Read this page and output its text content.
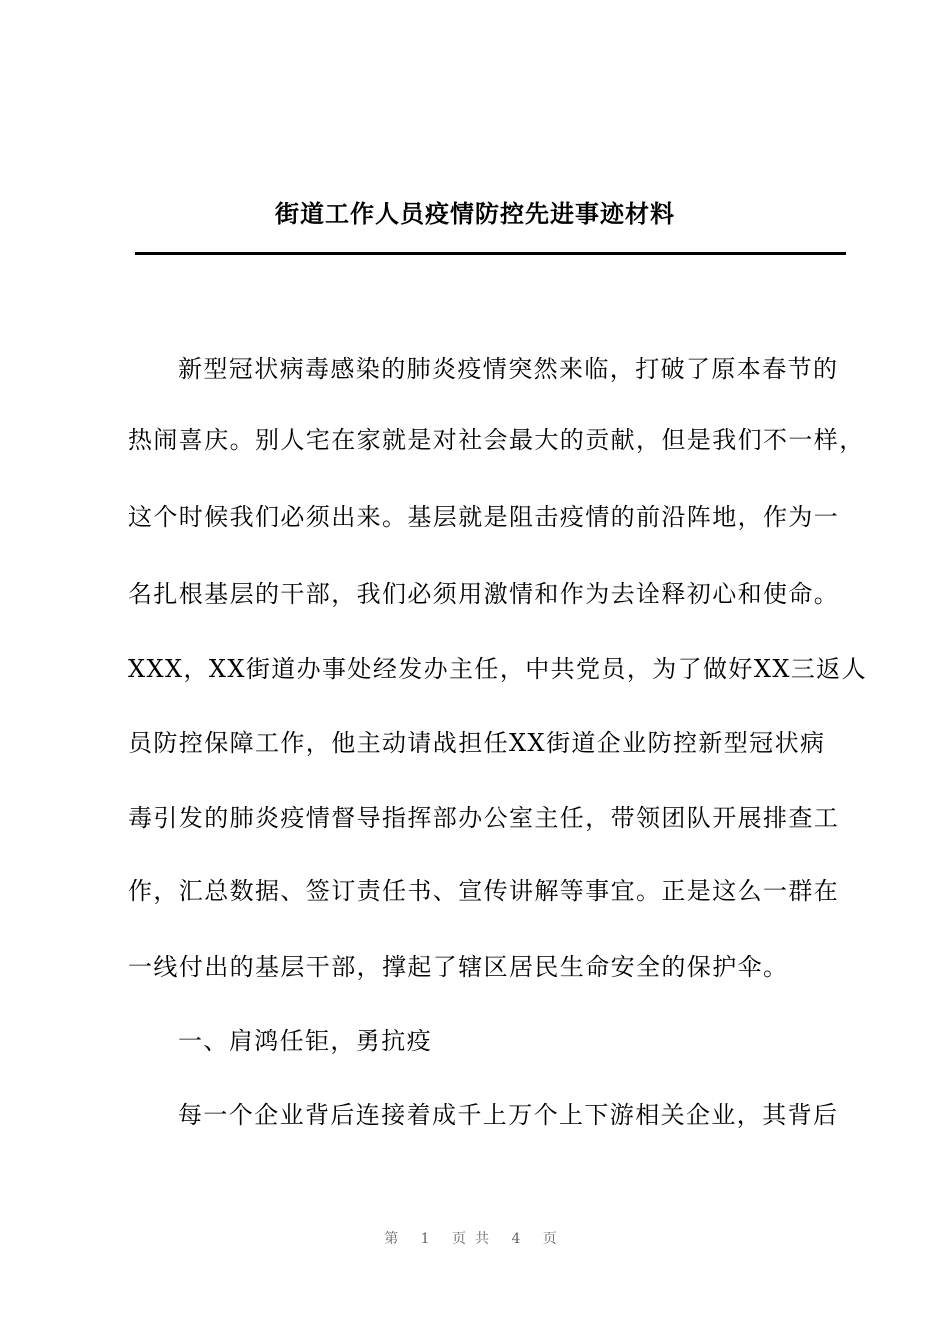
街道工作人员疫情防控先进事迹材料
新型冠状病毒感染的肺炎疫情突然来临，打破了原本春节的
热闹喜庆。别人宅在家就是对社会最大的贡献，但是我们不一样，
这个时候我们必须出来。基层就是阻击疫情的前沿阵地，作为一
名扎根基层的干部，我们必须用激情和作为去诠释初心和使命。
XXX，XX街道办事处经发办主任，中共党员，为了做好XX三返人
员防控保障工作，他主动请战担任XX街道企业防控新型冠状病
毒引发的肺炎疫情督导指挥部办公室主任，带领团队开展排查工
作，汇总数据、签订责任书、宣传讲解等事宜。正是这么一群在
一线付出的基层干部，撑起了辖区居民生命安全的保护伞。
一、肩鸿任钜，勇抗疫
每一个企业背后连接着成千上万个上下游相关企业，其背后
第 1 页共 4 页
